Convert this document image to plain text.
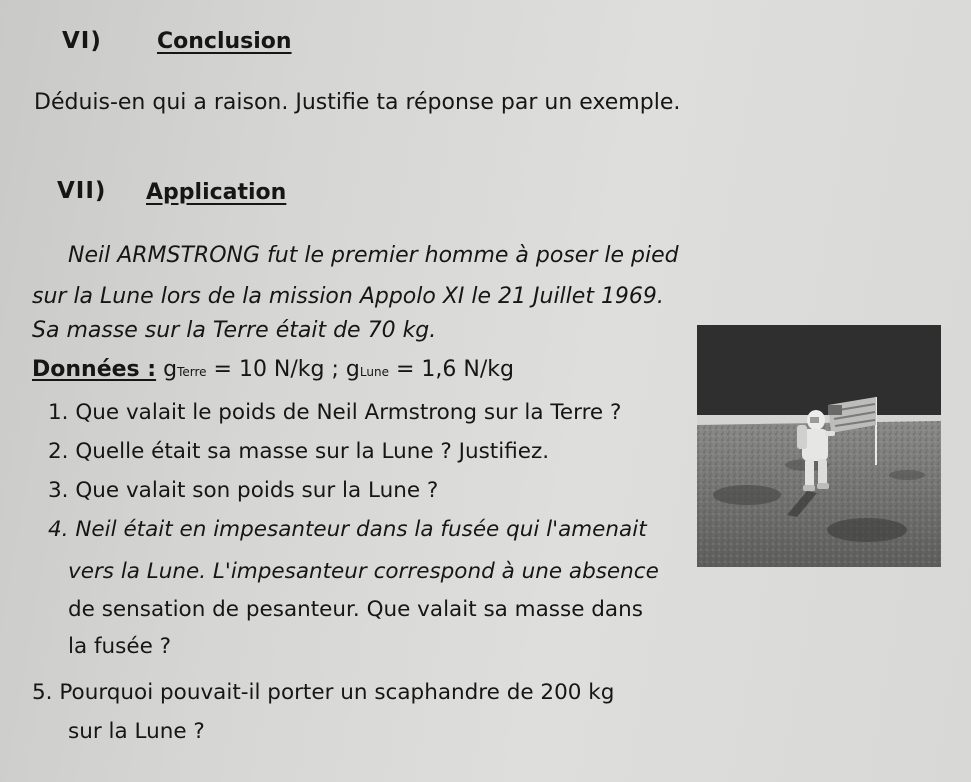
VI)	Conclusion
Déduis-en qui a raison. Justifie ta réponse par un exemple.
VII) Application
Neil ARMSTRONG fut le premier homme à poser le pied
sur la Lune lors de la mission Appolo XI le 21 Juillet 1969.
Sa masse sur la Terre était de 70 kg.
Données : gTerre = 10 N/kg ; gLune = 1,6 N/kg
1. Que valait le poids de Neil Armstrong sur la Terre ?
2. Quelle était sa masse sur la Lune ? Justifiez.
3. Que valait son poids sur la Lune ?
4. Neil était en impesanteur dans la fusée qui l'amenait
vers la Lune. L'impesanteur correspond à une absence
de sensation de pesanteur. Que valait sa masse dans
la fusée ?
5. Pourquoi pouvait-il porter un scaphandre de 200 kg
sur la Lune ?
